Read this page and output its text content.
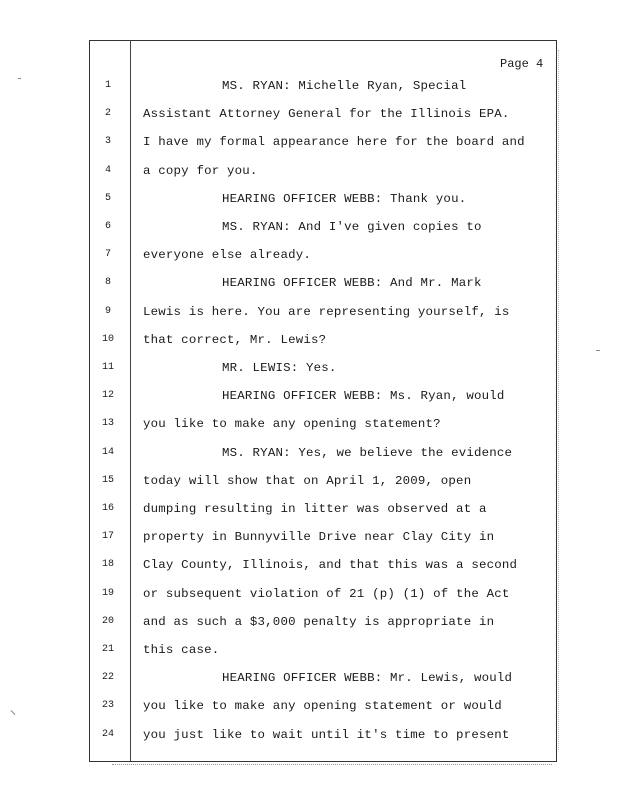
Page 4
1	MS. RYAN: Michelle Ryan, Special
2	Assistant Attorney General for the Illinois EPA.
3	I have my formal appearance here for the board and
4	a copy for you.
5	HEARING OFFICER WEBB: Thank you.
6	MS. RYAN: And I've given copies to
7	everyone else already.
8	HEARING OFFICER WEBB: And Mr. Mark
9	Lewis is here. You are representing yourself, is
10	that correct, Mr. Lewis?
11	MR. LEWIS: Yes.
12	HEARING OFFICER WEBB: Ms. Ryan, would
13	you like to make any opening statement?
14	MS. RYAN: Yes, we believe the evidence
15	today will show that on April 1, 2009, open
16	dumping resulting in litter was observed at a
17	property in Bunnyville Drive near Clay City in
18	Clay County, Illinois, and that this was a second
19	or subsequent violation of 21 (p) (1) of the Act
20	and as such a $3,000 penalty is appropriate in
21	this case.
22	HEARING OFFICER WEBB: Mr. Lewis, would
23	you like to make any opening statement or would
24	you just like to wait until it's time to present
